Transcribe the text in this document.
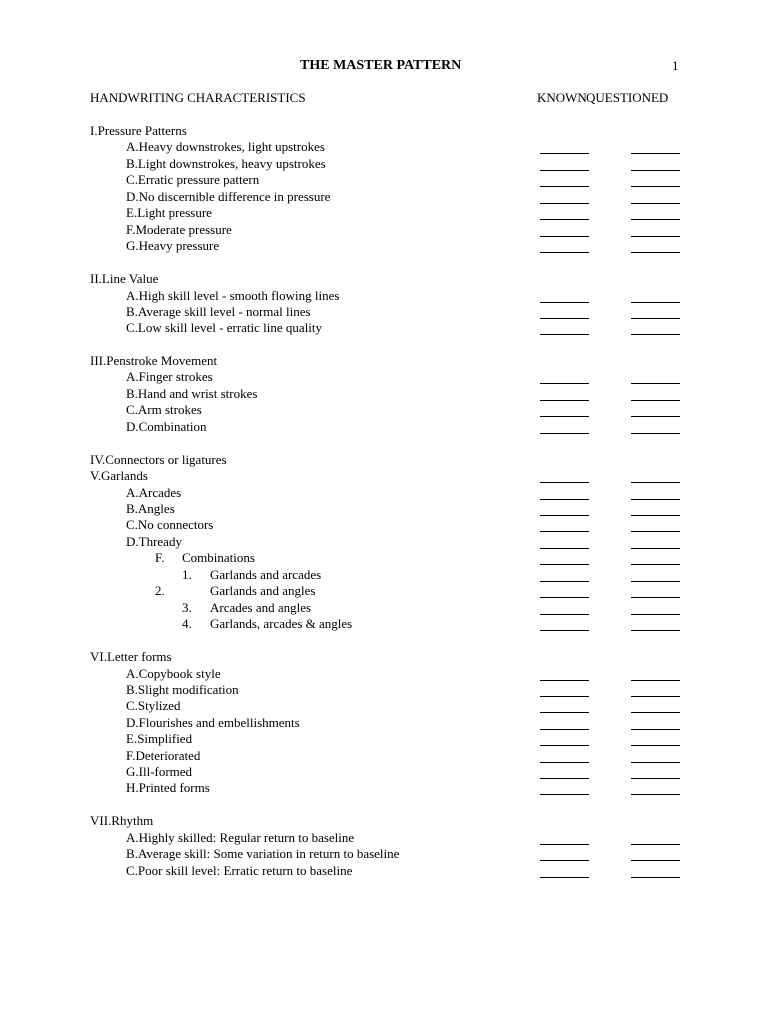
THE MASTER PATTERN	1
HANDWRITING CHARACTERISTICS	KNOWN QUESTIONED
I.Pressure Patterns
A.Heavy downstrokes, light upstrokes
B.Light downstrokes, heavy upstrokes
C.Erratic pressure pattern
D.No discernible difference in pressure
E.Light pressure
F.Moderate pressure
G.Heavy pressure
II.Line Value
A.High skill level - smooth flowing lines
B.Average skill level - normal lines
C.Low skill level - erratic line quality
III.Penstroke Movement
A.Finger strokes
B.Hand and wrist strokes
C.Arm strokes
D.Combination
IV.Connectors or ligatures
V.Garlands
A.Arcades
B.Angles
C.No connectors
D.Thready
F. Combinations
1. Garlands and arcades
2.	Garlands and angles
3. Arcades and angles
4. Garlands, arcades & angles
VI.Letter forms
A.Copybook style
B.Slight modification
C.Stylized
D.Flourishes and embellishments
E.Simplified
F.Deteriorated
G.Ill-formed
H.Printed forms
VII.Rhythm
A.Highly skilled: Regular return to baseline
B.Average skill: Some variation in return to baseline
C.Poor skill level: Erratic return to baseline
